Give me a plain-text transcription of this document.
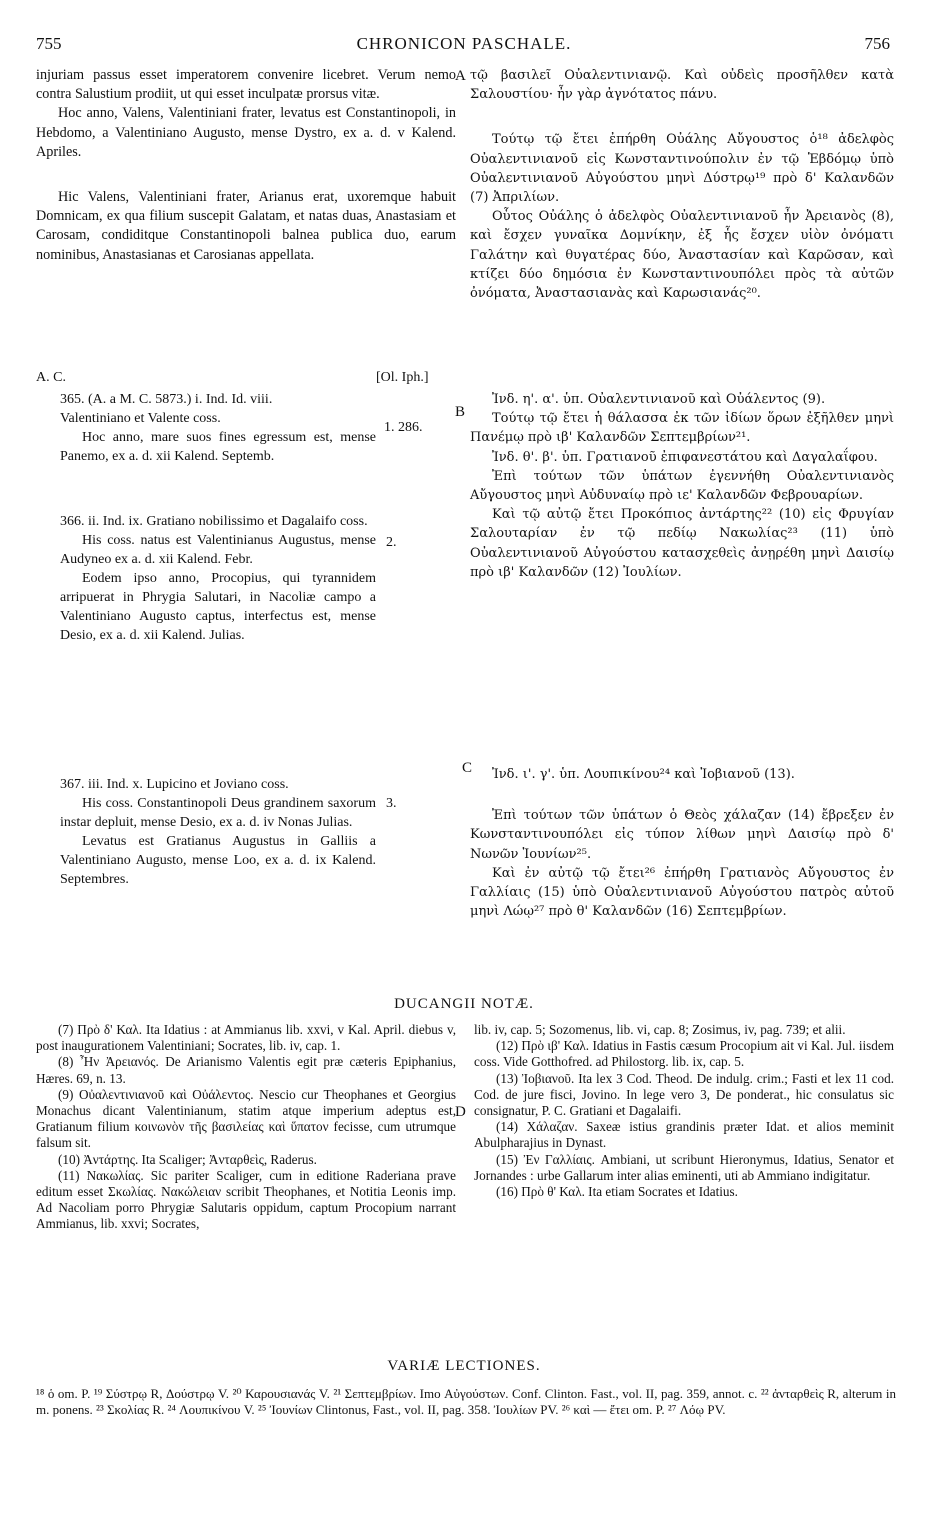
755	CHRONICON PASCHALE.	756
A
B
C
D

injuriam passus esset imperatorem convenire licebret. Verum nemo contra Salustium prodiit, ut qui esset inculpatæ prorsus vitæ.

Hoc anno, Valens, Valentiniani frater, levatus est Constantinopoli, in Hebdomo, a Valentiniano Augusto, mense Dystro, ex a. d. v Kalend. Apriles.

Hic Valens, Valentiniani frater, Arianus erat, uxoremque habuit Domnicam, ex qua filium suscepit Galatam, et natas duas, Anastasiam et Carosam, condiditque Constantinopoli balnea publica duo, earum nominibus, Anastasianas et Carosianas appellata.

A. C.	[Ol. Iph.]

365. (A. a M. C. 5873.) i. Ind. Id. viii.

Valentiniano et Valente coss.

Hoc anno, mare suos fines egressum est, mense Panemo, ex a. d. xii Kalend. Septemb.

1. 286.

366. ii. Ind. ix. Gratiano nobilissimo et Dagalaifo coss.

His coss. natus est Valentinianus Augustus, mense Audyneo ex a. d. xii Kalend. Febr.

Eodem ipso anno, Procopius, qui tyrannidem arripuerat in Phrygia Salutari, in Nacoliæ campo a Valentiniano Augusto captus, interfectus est, mense Desio, ex a. d. xii Kalend. Julias.

2.

367. iii. Ind. x. Lupicino et Joviano coss.

His coss. Constantinopoli Deus grandinem saxorum instar depluit, mense Desio, ex a. d. iv Nonas Julias.

Levatus est Gratianus Augustus in Galliis a Valentiniano Augusto, mense Loo, ex a. d. ix Kalend. Septembres.

3.

τῷ βασιλεῖ Οὐαλεντινιανῷ. Καὶ οὐδεὶς προσῆλθεν κατὰ Σαλουστίου· ἦν γὰρ ἀγνότατος πάνυ.

Τούτῳ τῷ ἔτει ἐπήρθη Οὐάλης Αὔγουστος ὁ¹⁸ ἀδελφὸς Οὐαλεντινιανοῦ εἰς Κωνσταντινούπολιν ἐν τῷ Ἑβδόμῳ ὑπὸ Οὐαλεντινιανοῦ Αὐγούστου μηνὶ Δύστρῳ¹⁹ πρὸ δ' Καλανδῶν (7) Ἀπριλίων.

Οὗτος Οὐάλης ὁ ἀδελφὸς Οὐαλεντινιανοῦ ἦν Ἀρειανὸς (8), καὶ ἔσχεν γυναῖκα Δομνίκην, ἐξ ἧς ἔσχεν υἱὸν ὀνόματι Γαλάτην καὶ θυγατέρας δύο, Ἀναστασίαν καὶ Καρῶσαν, καὶ κτίζει δύο δημόσια ἐν Κωνσταντινουπόλει πρὸς τὰ αὐτῶν ὀνόματα, Ἀναστασιανὰς καὶ Καρωσιανάς²⁰.

Ἰνδ. η'. α'. ὑπ. Οὐαλεντινιανοῦ καὶ Οὐάλεντος (9).

Τούτῳ τῷ ἔτει ἡ θάλασσα ἐκ τῶν ἰδίων ὅρων ἐξῆλθεν μηνὶ Πανέμῳ πρὸ ιβ' Καλανδῶν Σεπτεμβρίων²¹.

Ἰνδ. θ'. β'. ὑπ. Γρατιανοῦ ἐπιφανεστάτου καὶ Δαγαλαΐφου.

Ἐπὶ τούτων τῶν ὑπάτων ἐγεννήθη Οὐαλεντινιανὸς Αὔγουστος μηνὶ Αὐδυναίῳ πρὸ ιε' Καλανδῶν Φεβρουαρίων.

Καὶ τῷ αὐτῷ ἔτει Προκόπιος ἀντάρτης²² (10) εἰς Φρυγίαν Σαλουταρίαν ἐν τῷ πεδίῳ Νακωλίας²³ (11) ὑπὸ Οὐαλεντινιανοῦ Αὐγούστου κατασχεθεὶς ἀνῃρέθη μηνὶ Δαισίῳ πρὸ ιβ' Καλανδῶν (12) Ἰουλίων.

Ἰνδ. ι'. γ'. ὑπ. Λουπικίνου²⁴ καὶ Ἰοβιανοῦ (13).

Ἐπὶ τούτων τῶν ὑπάτων ὁ Θεὸς χάλαζαν (14) ἔβρεξεν ἐν Κωνσταντινουπόλει εἰς τύπον λίθων μηνὶ Δαισίῳ πρὸ δ' Νωνῶν Ἰουνίων²⁵.

Καὶ ἐν αὐτῷ τῷ ἔτει²⁶ ἐπήρθη Γρατιανὸς Αὔγουστος ἐν Γαλλίαις (15) ὑπὸ Οὐαλεντινιανοῦ Αὐγούστου πατρὸς αὐτοῦ μηνὶ Λώῳ²⁷ πρὸ θ' Καλανδῶν (16) Σεπτεμβρίων.

DUCANGII NOTÆ.

(7) Πρὸ δ' Καλ. Ita Idatius : at Ammianus lib. xxvi, v Kal. April. diebus v, post inaugurationem Valentiniani; Socrates, lib. iv, cap. 1.

(8) Ἦν Ἀρειανός. De Arianismo Valentis egit præ cæteris Epiphanius, Hæres. 69, n. 13.

(9) Οὐαλεντινιανοῦ καὶ Οὐάλεντος. Nescio cur Theophanes et Georgius Monachus dicant Valentinianum, statim atque imperium adeptus est, Gratianum filium κοινωνὸν τῆς βασιλείας καὶ ὕπατον fecisse, cum utrumque falsum sit.

(10) Ἀντάρτης. Ita Scaliger; Ἀνταρθεὶς, Raderus.

(11) Νακωλίας. Sic pariter Scaliger, cum in editione Raderiana prave editum esset Σκωλίας. Νακώλειαν scribit Theophanes, et Notitia Leonis imp. Ad Nacoliam porro Phrygiæ Salutaris oppidum, captum Procopium narrant Ammianus, lib. xxvi; Socrates,

lib. iv, cap. 5; Sozomenus, lib. vi, cap. 8; Zosimus, iv, pag. 739; et alii.

(12) Πρὸ ιβ' Καλ. Idatius in Fastis cæsum Procopium ait vi Kal. Jul. iisdem coss. Vide Gotthofred. ad Philostorg. lib. ix, cap. 5.

(13) Ἰοβιανοῦ. Ita lex 3 Cod. Theod. De indulg. crim.; Fasti et lex 11 cod. Cod. de jure fisci, Jovino. In lege vero 3, De ponderat., hic consulatus sic consignatur, P. C. Gratiani et Dagalaifi.

(14) Χάλαζαν. Saxeæ istius grandinis præter Idat. et alios meminit Abulpharajius in Dynast.

(15) Ἐν Γαλλίαις. Ambiani, ut scribunt Hieronymus, Idatius, Senator et Jornandes : urbe Gallarum inter alias eminenti, uti ab Ammiano indigitatur.

(16) Πρὸ θ' Καλ. Ita etiam Socrates et Idatius.

VARIÆ LECTIONES.
¹⁸ ὁ om. P. ¹⁹ Σύστρῳ R, Δούστρῳ V. ²⁰ Καρουσιανάς V. ²¹ Σεπτεμβρίων. Imo Αὐγούστων. Conf. Clinton. Fast., vol. II, pag. 359, annot. c. ²² ἀνταρθεὶς R, alterum in m. ponens. ²³ Σκολίας R. ²⁴ Λουπικίνου V. ²⁵ Ἰουνίων Clintonus, Fast., vol. II, pag. 358. Ἰουλίων PV. ²⁶ καὶ — ἔτει om. P. ²⁷ Λόῳ PV.
